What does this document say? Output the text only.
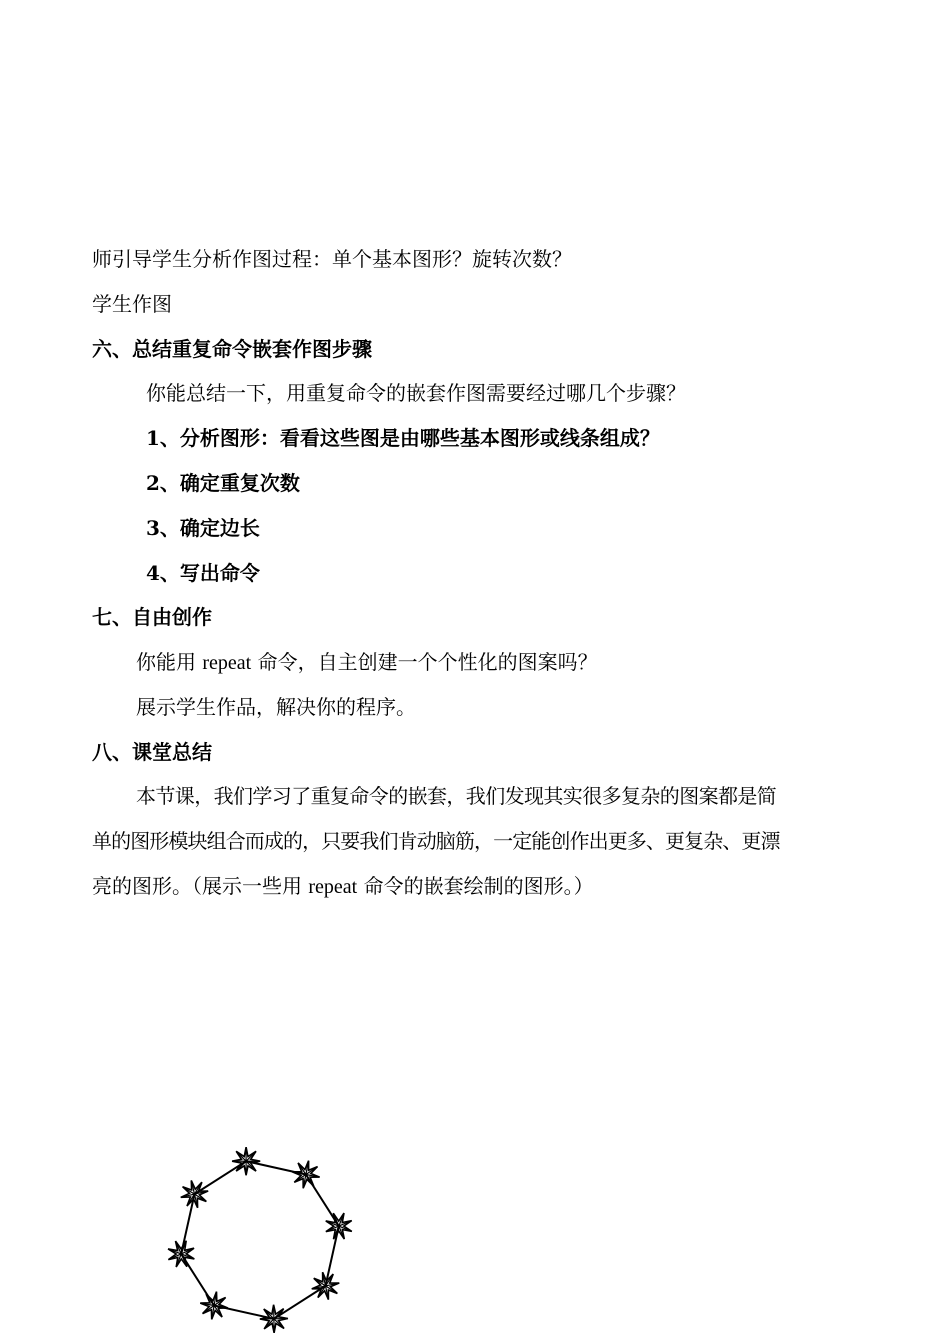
师引导学生分析作图过程：单个基本图形？旋转次数？
学生作图
六、总结重复命令嵌套作图步骤
你能总结一下，用重复命令的嵌套作图需要经过哪几个步骤？
1、分析图形：看看这些图是由哪些基本图形或线条组成？
2、确定重复次数
3、确定边长
4、写出命令
七、自由创作
你能用 repeat 命令，自主创建一个个性化的图案吗？
展示学生作品，解决你的程序。
八、课堂总结
本节课，我们学习了重复命令的嵌套，我们发现其实很多复杂的图案都是简
单的图形模块组合而成的，只要我们肯动脑筋，一定能创作出更多、更复杂、更漂
亮的图形。（展示一些用 repeat 命令的嵌套绘制的图形。）
